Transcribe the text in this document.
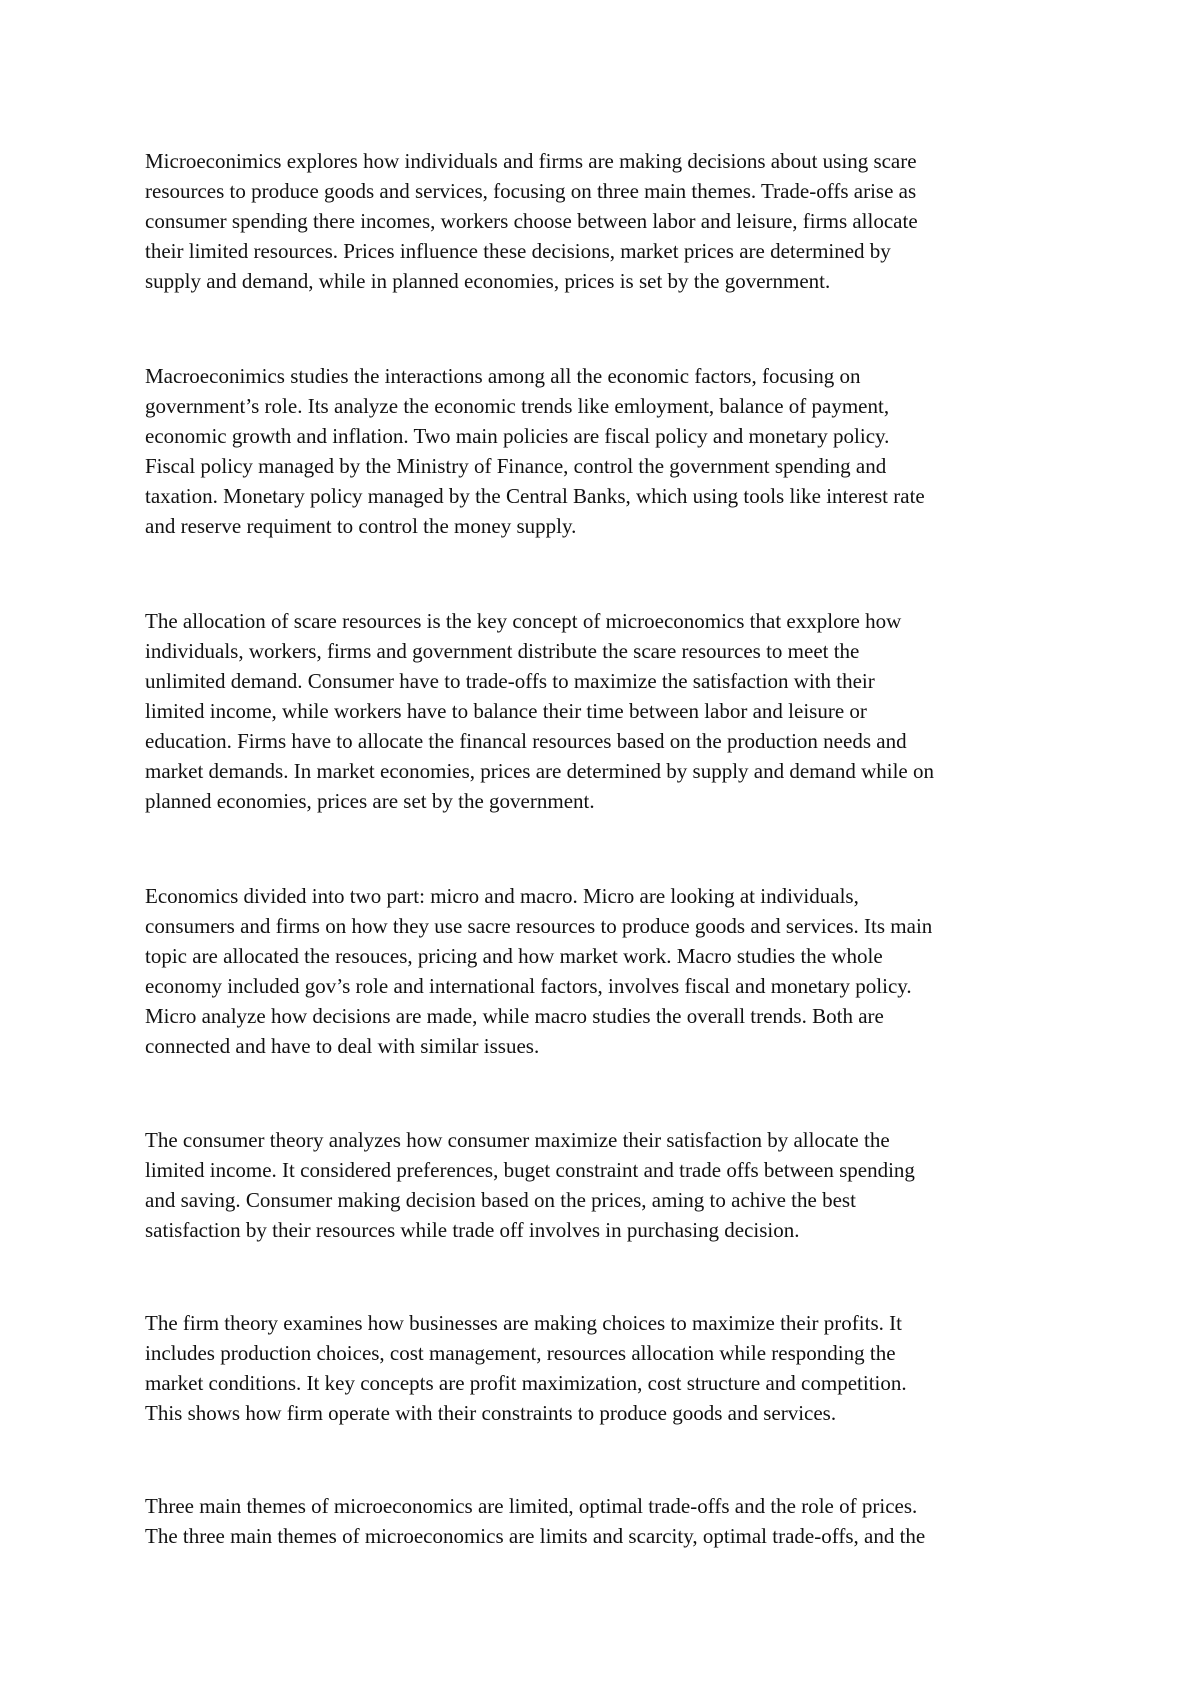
Microeconimics explores how individuals and firms are making decisions about using scare
resources to produce goods and services, focusing on three main themes. Trade-offs arise as
consumer spending there incomes, workers choose between labor and leisure, firms allocate
their limited resources. Prices influence these decisions, market prices are determined by
supply and demand, while in planned economies, prices is set by the government.

Macroeconimics studies the interactions among all the economic factors, focusing on
government’s role. Its analyze the economic trends like emloyment, balance of payment,
economic growth and inflation. Two main policies are fiscal policy and monetary policy.
Fiscal policy managed by the Ministry of Finance, control the government spending and
taxation. Monetary policy managed by the Central Banks, which using tools like interest rate
and reserve requiment to control the money supply.

The allocation of scare resources is the key concept of microeconomics that exxplore how
individuals, workers, firms and government distribute the scare resources to meet the
unlimited demand. Consumer have to trade-offs to maximize the satisfaction with their
limited income, while workers have to balance their time between labor and leisure or
education. Firms have to allocate the financal resources based on the production needs and
market demands. In market economies, prices are determined by supply and demand while on
planned economies, prices are set by the government.

Economics divided into two part: micro and macro. Micro are looking at individuals,
consumers and firms on how they use sacre resources to produce goods and services. Its main
topic are allocated the resouces, pricing and how market work. Macro studies the whole
economy included gov’s role and international factors, involves fiscal and monetary policy.
Micro analyze how decisions are made, while macro studies the overall trends. Both are
connected and have to deal with similar issues.

The consumer theory analyzes how consumer maximize their satisfaction by allocate the
limited income. It considered preferences, buget constraint and trade offs between spending
and saving. Consumer making decision based on the prices, aming to achive the best
satisfaction by their resources while trade off involves in purchasing decision.

The firm theory examines how businesses are making choices to maximize their profits. It
includes production choices, cost management, resources allocation while responding the
market conditions. It key concepts are profit maximization, cost structure and competition.
This shows how firm operate with their constraints to produce goods and services.

Three main themes of microeconomics are limited, optimal trade-offs and the role of prices.
The three main themes of microeconomics are limits and scarcity, optimal trade-offs, and the
